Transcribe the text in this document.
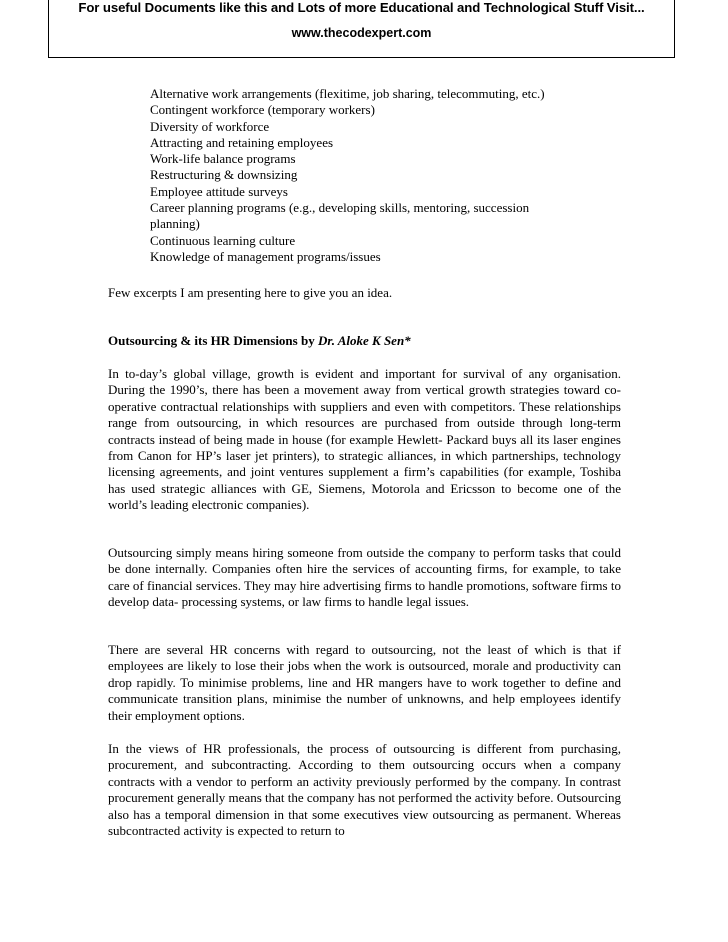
For useful Documents like this and Lots of more Educational and Technological Stuff Visit...
www.thecodexpert.com
Alternative work arrangements (flexitime, job sharing, telecommuting, etc.)
Contingent workforce (temporary workers)
Diversity of workforce
Attracting and retaining employees
Work-life balance programs
Restructuring & downsizing
Employee attitude surveys
Career planning programs (e.g., developing skills, mentoring, succession planning)
Continuous learning culture
Knowledge of management programs/issues

Few excerpts I am presenting here to give you an idea.

Outsourcing & its HR Dimensions by Dr. Aloke K Sen*

In to-day’s global village, growth is evident and important for survival of any organisation. During the 1990’s, there has been a movement away from vertical growth strategies toward co-operative contractual relationships with suppliers and even with competitors. These relationships range from outsourcing, in which resources are purchased from outside through long-term contracts instead of being made in house (for example Hewlett- Packard buys all its laser engines from Canon for HP’s laser jet printers), to strategic alliances, in which partnerships, technology licensing agreements, and joint ventures supplement a firm’s capabilities (for example, Toshiba has used strategic alliances with GE, Siemens, Motorola and Ericsson to become one of the world’s leading electronic companies).

Outsourcing simply means hiring someone from outside the company to perform tasks that could be done internally. Companies often hire the services of accounting firms, for example, to take care of financial services. They may hire advertising firms to handle promotions, software firms to develop data- processing systems, or law firms to handle legal issues.

There are several HR concerns with regard to outsourcing, not the least of which is that if employees are likely to lose their jobs when the work is outsourced, morale and productivity can drop rapidly. To minimise problems, line and HR mangers have to work together to define and communicate transition plans, minimise the number of unknowns, and help employees identify their employment options.

In the views of HR professionals, the process of outsourcing is different from purchasing, procurement, and subcontracting. According to them outsourcing occurs when a company contracts with a vendor to perform an activity previously performed by the company. In contrast procurement generally means that the company has not performed the activity before. Outsourcing also has a temporal dimension in that some executives view outsourcing as permanent. Whereas subcontracted activity is expected to return to
